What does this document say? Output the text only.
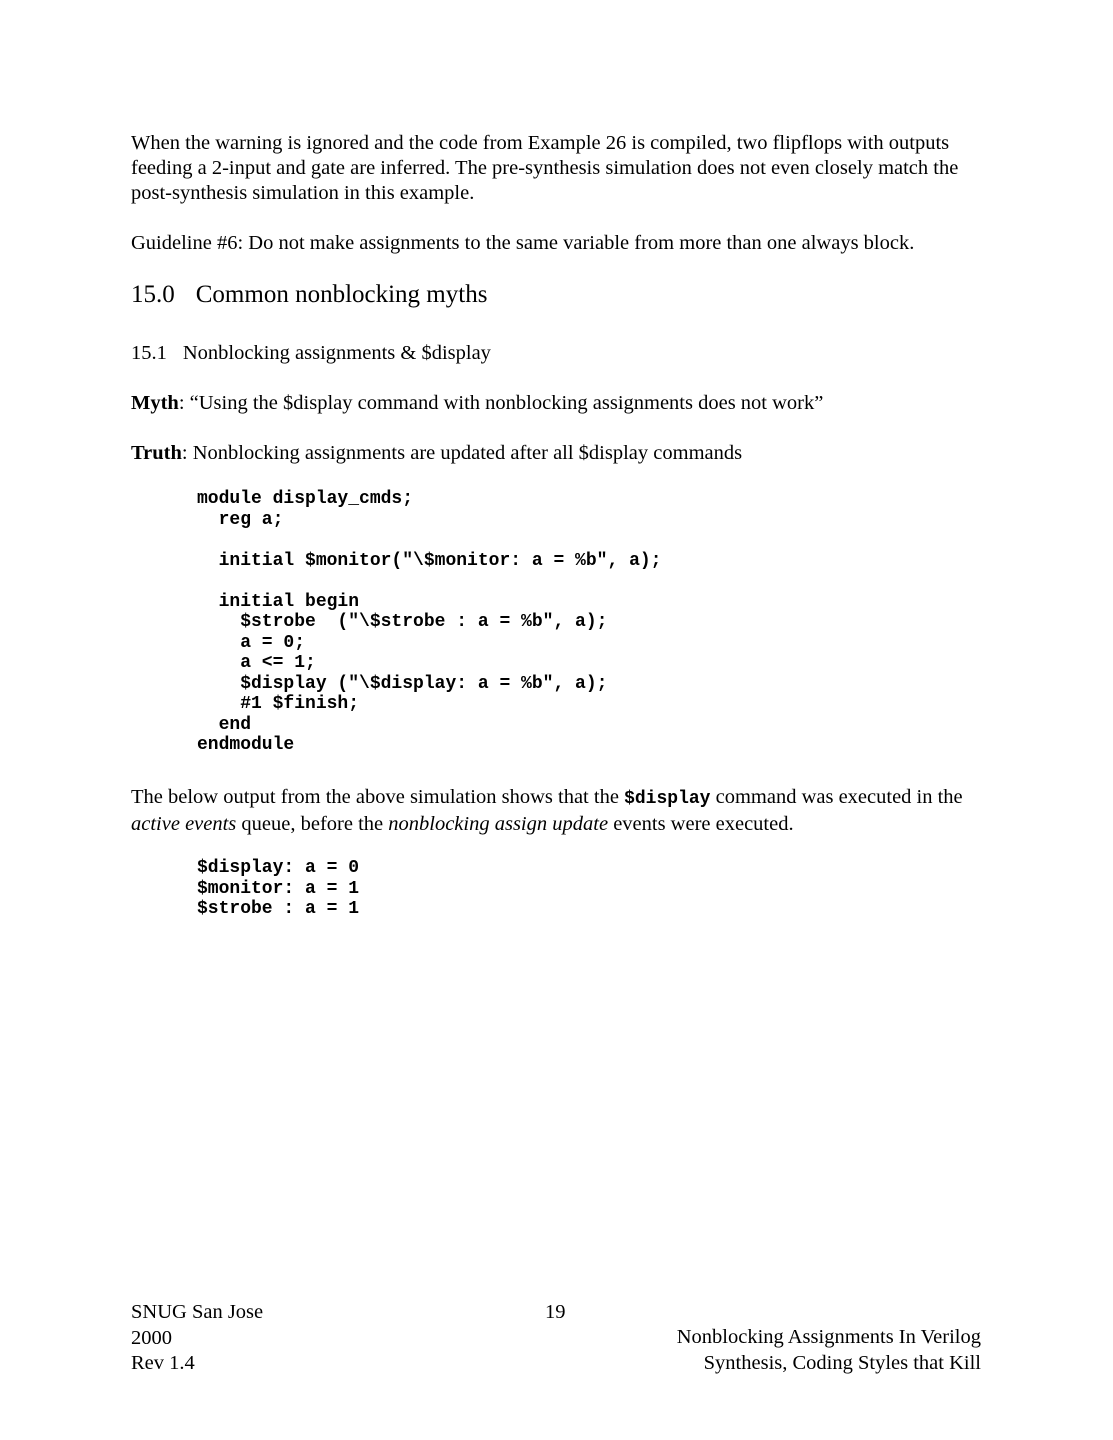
When the warning is ignored and the code from Example 26 is compiled, two flipflops with outputs feeding a 2-input and gate are inferred. The pre-synthesis simulation does not even closely match the post-synthesis simulation in this example.

Guideline #6: Do not make assignments to the same variable from more than one always block.

15.0 Common nonblocking myths
15.1 Nonblocking assignments & $display

Myth: “Using the $display command with nonblocking assignments does not work”

Truth: Nonblocking assignments are updated after all $display commands

module display_cmds;
reg a;

initial $monitor("\$monitor: a = %b", a);

initial begin
$strobe  ("\$strobe : a = %b", a);
a = 0;
a <= 1;
$display ("\$display: a = %b", a);
#1 $finish;
end
endmodule

The below output from the above simulation shows that the $display command was executed in the active events queue, before the nonblocking assign update events were executed.

$display: a = 0
$monitor: a = 1
$strobe : a = 1
SNUG San Jose
2000
Rev 1.4
19
Nonblocking Assignments In Verilog
Synthesis, Coding Styles that Kill
